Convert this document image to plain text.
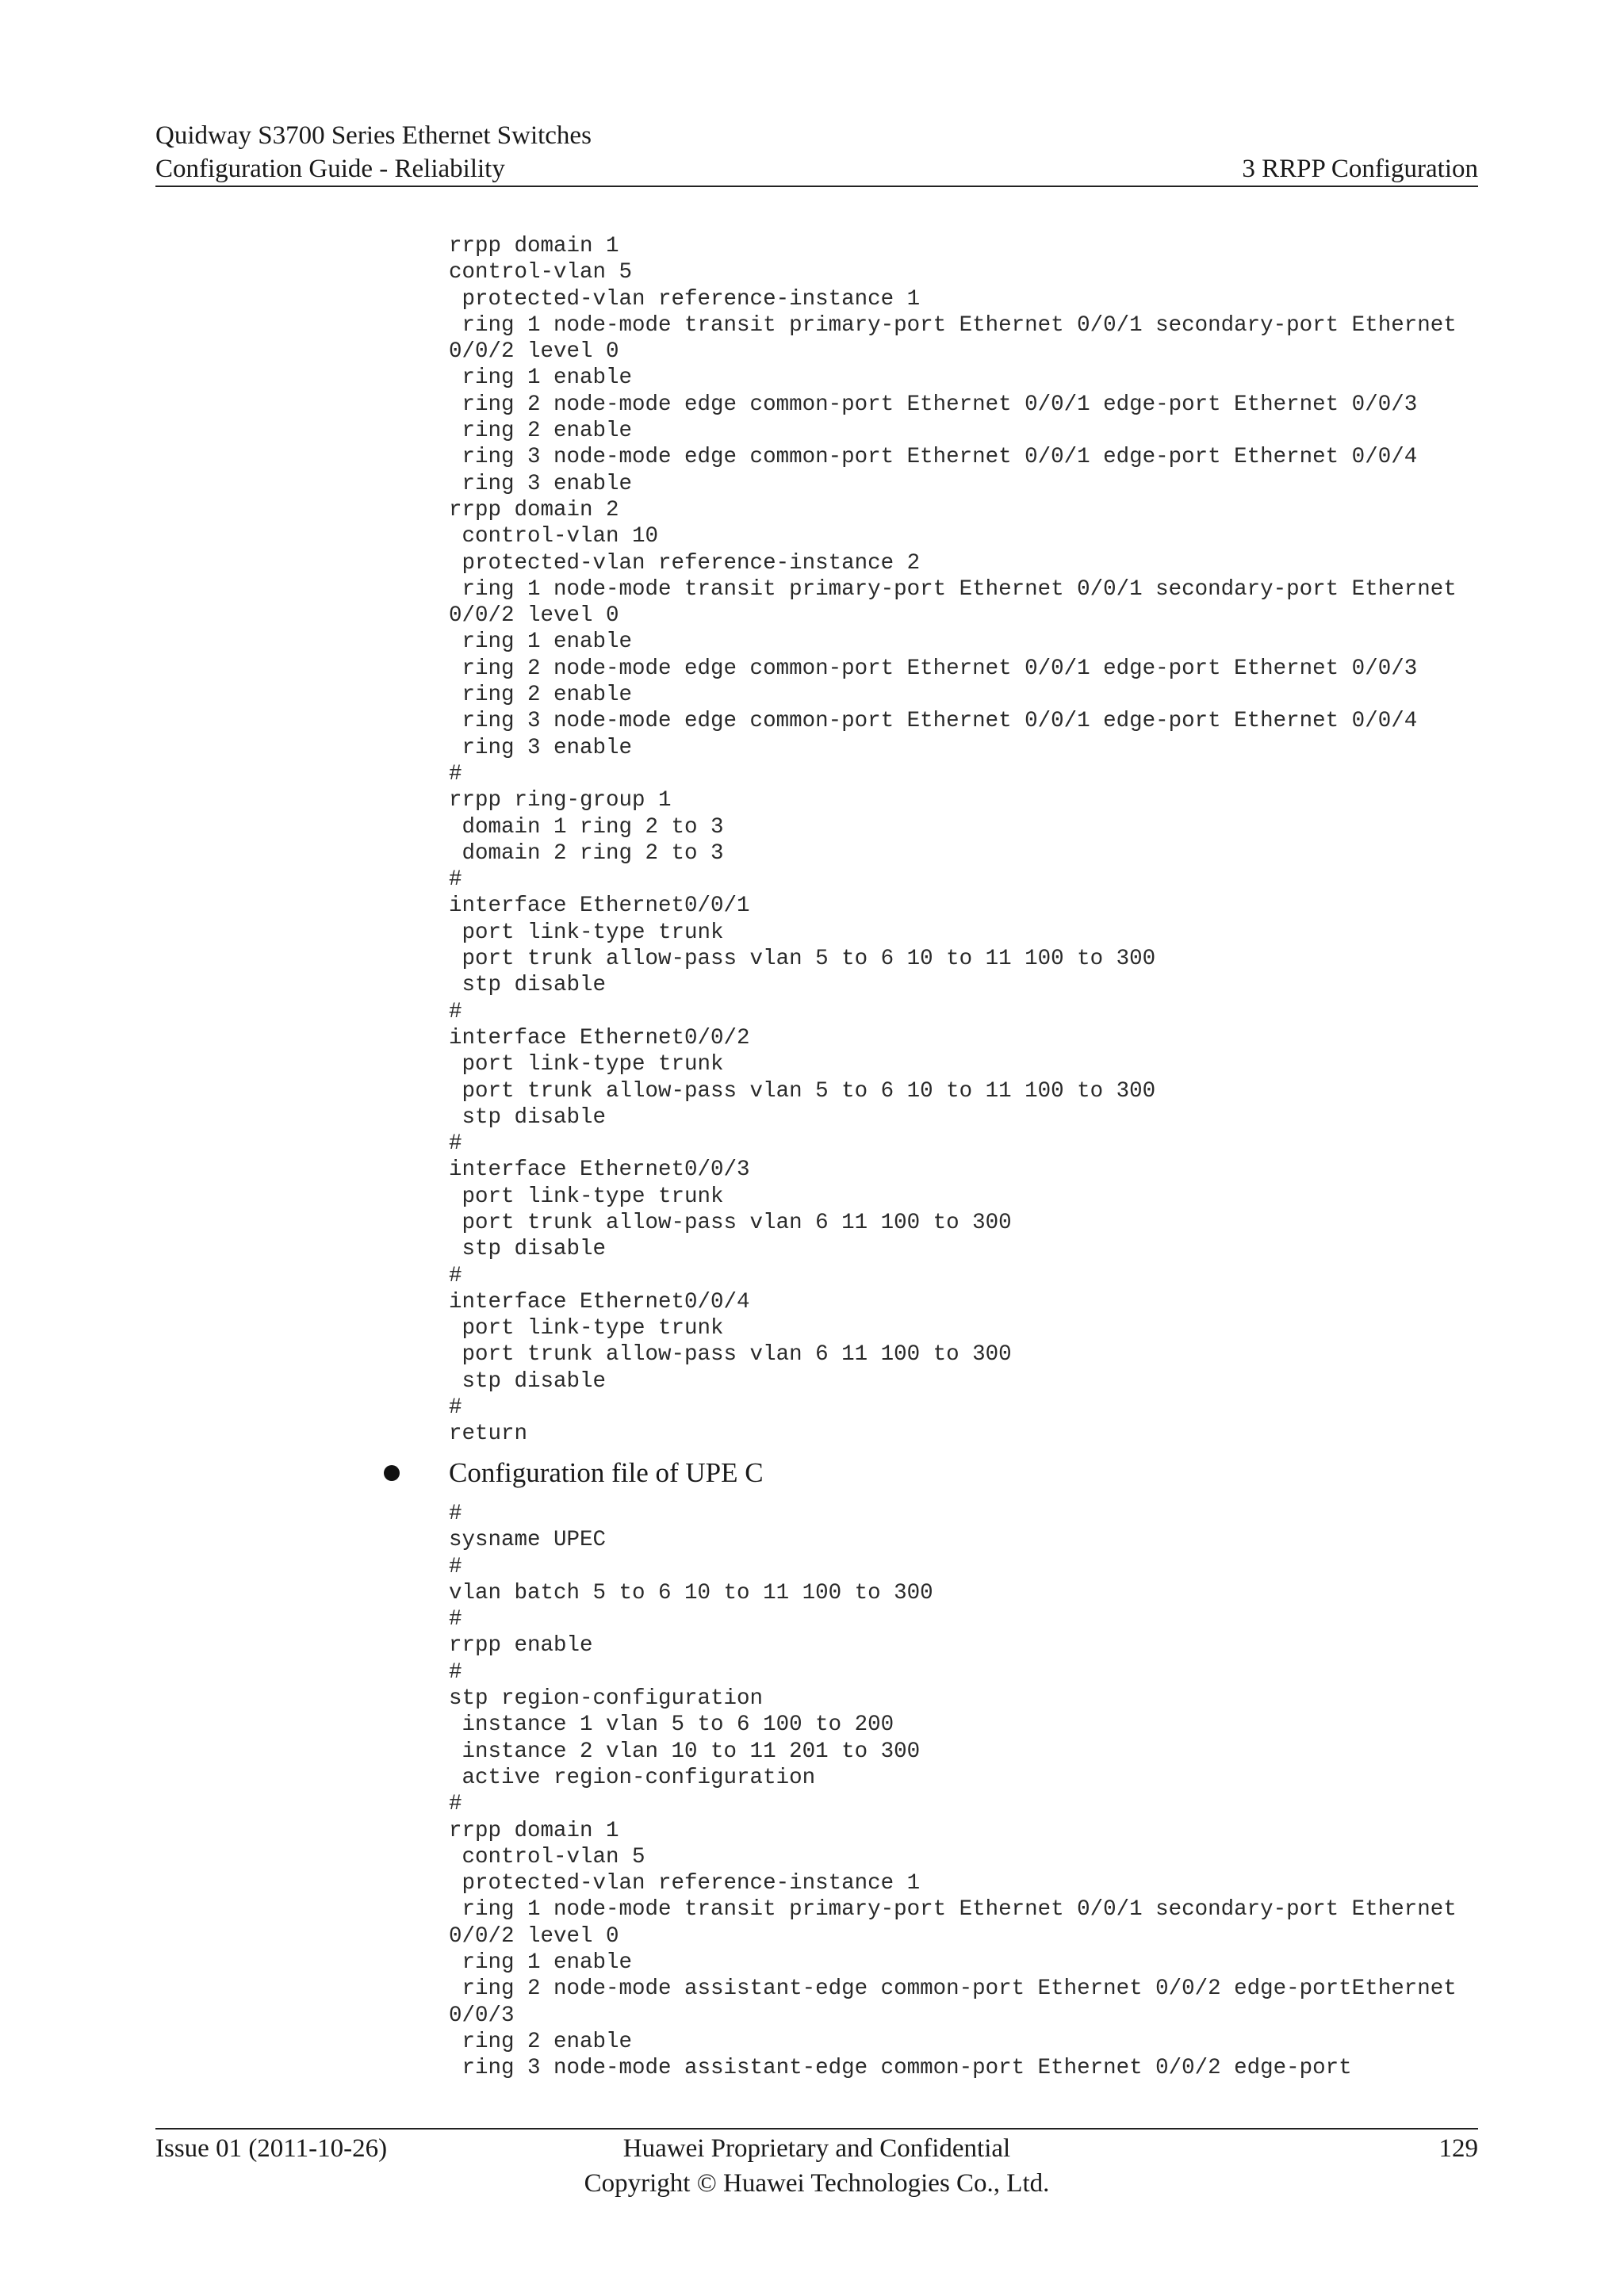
Quidway S3700 Series Ethernet Switches
Configuration Guide - Reliability	3 RRPP Configuration
rrpp domain 1
control-vlan 5
protected-vlan reference-instance 1
ring 1 node-mode transit primary-port Ethernet 0/0/1 secondary-port Ethernet
0/0/2 level 0
ring 1 enable
ring 2 node-mode edge common-port Ethernet 0/0/1 edge-port Ethernet 0/0/3
ring 2 enable
ring 3 node-mode edge common-port Ethernet 0/0/1 edge-port Ethernet 0/0/4
ring 3 enable
rrpp domain 2
control-vlan 10
protected-vlan reference-instance 2
ring 1 node-mode transit primary-port Ethernet 0/0/1 secondary-port Ethernet
0/0/2 level 0
ring 1 enable
ring 2 node-mode edge common-port Ethernet 0/0/1 edge-port Ethernet 0/0/3
ring 2 enable
ring 3 node-mode edge common-port Ethernet 0/0/1 edge-port Ethernet 0/0/4
ring 3 enable
#
rrpp ring-group 1
domain 1 ring 2 to 3
domain 2 ring 2 to 3
#
interface Ethernet0/0/1
port link-type trunk
port trunk allow-pass vlan 5 to 6 10 to 11 100 to 300
stp disable
#
interface Ethernet0/0/2
port link-type trunk
port trunk allow-pass vlan 5 to 6 10 to 11 100 to 300
stp disable
#
interface Ethernet0/0/3
port link-type trunk
port trunk allow-pass vlan 6 11 100 to 300
stp disable
#
interface Ethernet0/0/4
port link-type trunk
port trunk allow-pass vlan 6 11 100 to 300
stp disable
#
return
Configuration file of UPE C
#
sysname UPEC
#
vlan batch 5 to 6 10 to 11 100 to 300
#
rrpp enable
#
stp region-configuration
instance 1 vlan 5 to 6 100 to 200
instance 2 vlan 10 to 11 201 to 300
active region-configuration
#
rrpp domain 1
control-vlan 5
protected-vlan reference-instance 1
ring 1 node-mode transit primary-port Ethernet 0/0/1 secondary-port Ethernet
0/0/2 level 0
ring 1 enable
ring 2 node-mode assistant-edge common-port Ethernet 0/0/2 edge-portEthernet
0/0/3
ring 2 enable
ring 3 node-mode assistant-edge common-port Ethernet 0/0/2 edge-port
Issue 01 (2011-10-26)	Huawei Proprietary and Confidential
Copyright © Huawei Technologies Co., Ltd.
129
